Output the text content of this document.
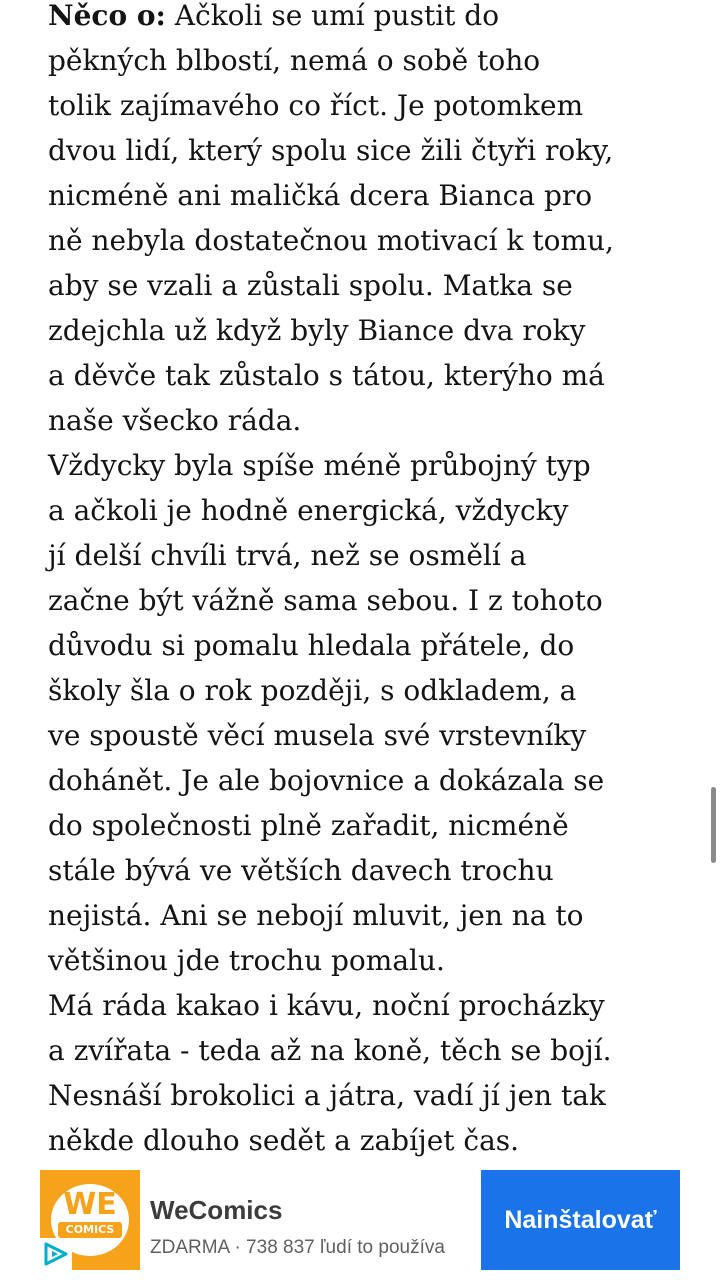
Něco o: Ačkoli se umí pustit do
pěkných blbostí, nemá o sobě toho
tolik zajímavého co říct. Je potomkem
dvou lidí, který spolu sice žili čtyři roky,
nicméně ani maličká dcera Bianca pro
ně nebyla dostatečnou motivací k tomu,
aby se vzali a zůstali spolu. Matka se
zdejchla už když byly Biance dva roky
a děvče tak zůstalo s tátou, kterýho má
naše všecko ráda.

Vždycky byla spíše méně průbojný typ
a ačkoli je hodně energická, vždycky
jí delší chvíli trvá, než se osmělí a
začne být vážně sama sebou. I z tohoto
důvodu si pomalu hledala přátele, do
školy šla o rok později, s odkladem, a
ve spoustě věcí musela své vrstevníky
dohánět. Je ale bojovnice a dokázala se
do společnosti plně zařadit, nicméně
stále bývá ve větších davech trochu
nejistá. Ani se nebojí mluvit, jen na to
většinou jde trochu pomalu.

Má ráda kakao i kávu, noční procházky
a zvířata - teda až na koně, těch se bojí.
Nesnáší brokolici a játra, vadí jí jen tak
někde dlouho sedět a zabíjet čas.

WE
COMICS
WeComics
ZDARMA · 738 837 ľudí to používa
Nainštalovať
